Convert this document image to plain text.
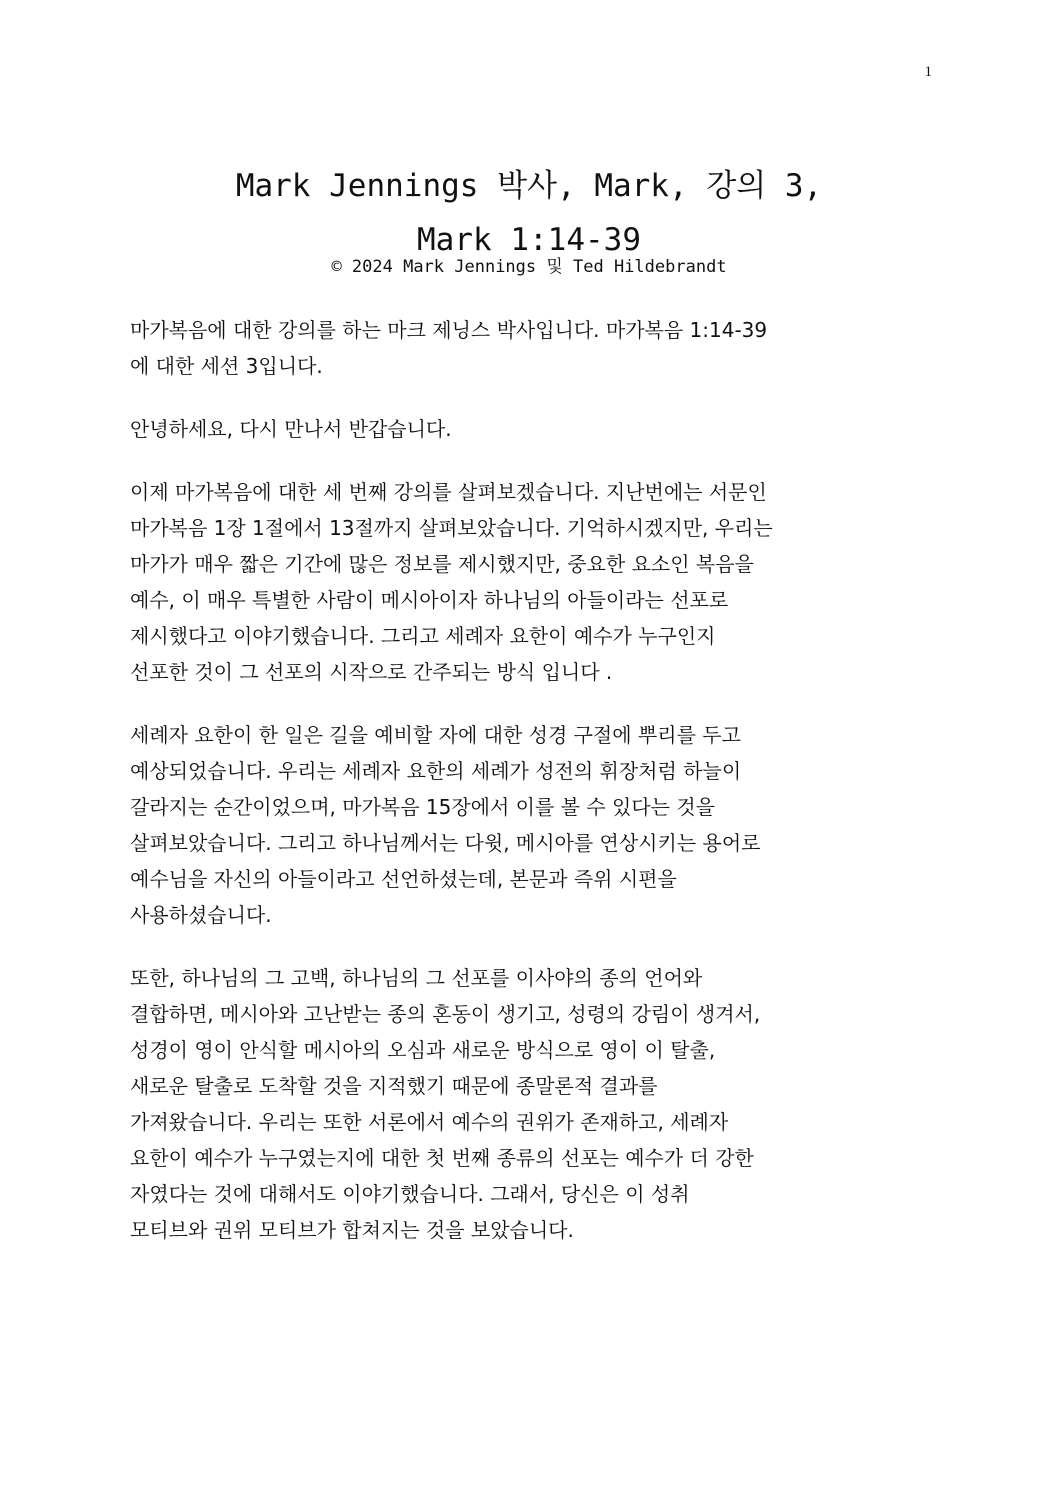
1
Mark Jennings 박사, Mark, 강의 3,
Mark 1:14-39
© 2024 Mark Jennings 및 Ted Hildebrandt

마가복음에 대한 강의를 하는 마크 제닝스 박사입니다. 마가복음 1:14-39
에 대한 세션 3입니다.

안녕하세요, 다시 만나서 반갑습니다.

이제 마가복음에 대한 세 번째 강의를 살펴보겠습니다. 지난번에는 서문인
마가복음 1장 1절에서 13절까지 살펴보았습니다. 기억하시겠지만, 우리는
마가가 매우 짧은 기간에 많은 정보를 제시했지만, 중요한 요소인 복음을
예수, 이 매우 특별한 사람이 메시아이자 하나님의 아들이라는 선포로
제시했다고 이야기했습니다. 그리고 세례자 요한이 예수가 누구인지
선포한 것이 그 선포의 시작으로 간주되는 방식 입니다 .

세례자 요한이 한 일은 길을 예비할 자에 대한 성경 구절에 뿌리를 두고
예상되었습니다. 우리는 세례자 요한의 세례가 성전의 휘장처럼 하늘이
갈라지는 순간이었으며, 마가복음 15장에서 이를 볼 수 있다는 것을
살펴보았습니다. 그리고 하나님께서는 다윗, 메시아를 연상시키는 용어로
예수님을 자신의 아들이라고 선언하셨는데, 본문과 즉위 시편을
사용하셨습니다.

또한, 하나님의 그 고백, 하나님의 그 선포를 이사야의 종의 언어와
결합하면, 메시아와 고난받는 종의 혼동이 생기고, 성령의 강림이 생겨서,
성경이 영이 안식할 메시아의 오심과 새로운 방식으로 영이 이 탈출,
새로운 탈출로 도착할 것을 지적했기 때문에 종말론적 결과를
가져왔습니다. 우리는 또한 서론에서 예수의 권위가 존재하고, 세례자
요한이 예수가 누구였는지에 대한 첫 번째 종류의 선포는 예수가 더 강한
자였다는 것에 대해서도 이야기했습니다. 그래서, 당신은 이 성취
모티브와 권위 모티브가 합쳐지는 것을 보았습니다.
